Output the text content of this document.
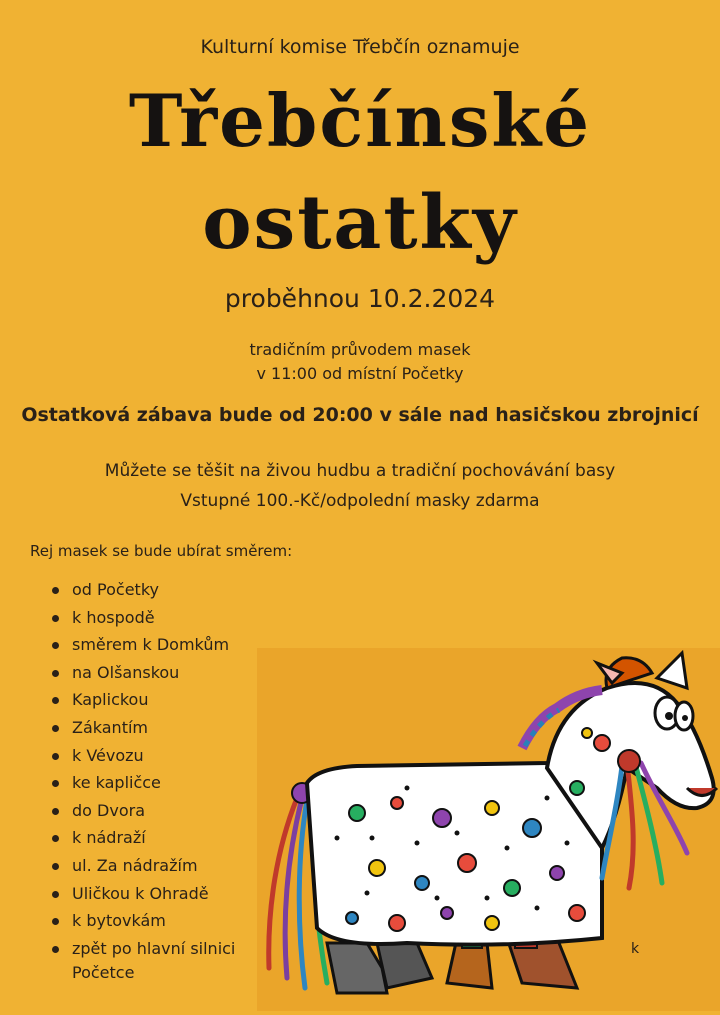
Kulturní komise Třebčín oznamuje
Třebčínské
ostatky
proběhnou 10.2.2024
tradičním průvodem masek
v 11:00 od místní Početky
Ostatková zábava bude od 20:00 v sále nad hasičskou zbrojnicí
Můžete se těšit na živou hudbu a tradiční pochovávání basy
Vstupné 100.-Kč/odpolední masky zdarma
Rej masek se bude ubírat směrem:
od Početky
k hospodě
směrem k Domkům
na Olšanskou
Kaplickou
Zákantím
k Vévozu
ke kapličce
do Dvora
k nádraží
ul. Za nádražím
Uličkou k Ohradě
k bytovkám
zpět po hlavní silnici
Početce
k
